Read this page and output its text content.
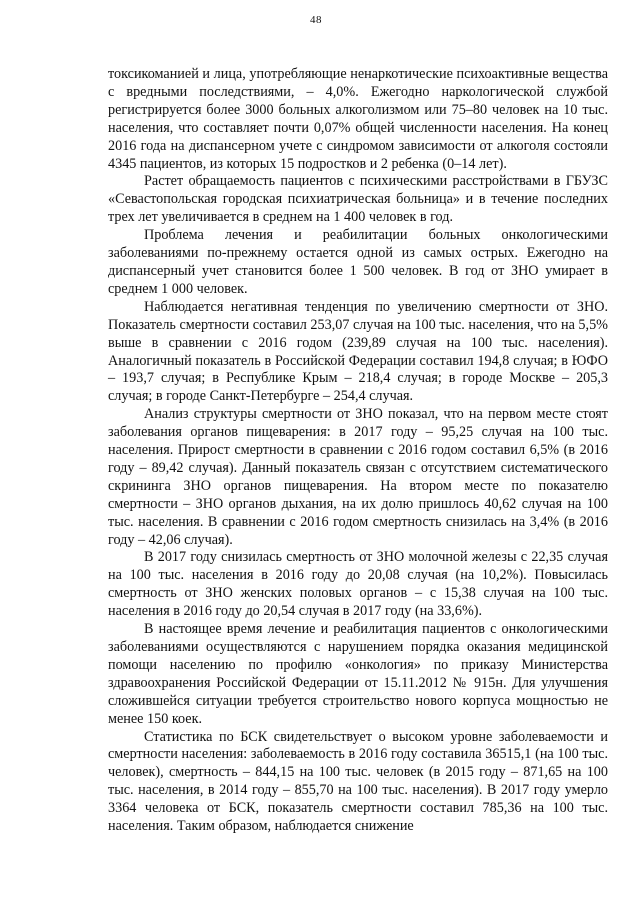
48

токсикоманией и лица, употребляющие ненаркотические психоактивные вещества с вредными последствиями, – 4,0%. Ежегодно наркологической службой регистрируется более 3000 больных алкоголизмом или 75–80 человек на 10 тыс. населения, что составляет почти 0,07% общей численности населения. На конец 2016 года на диспансерном учете с синдромом зависимости от алкоголя состояли 4345 пациентов, из которых 15 подростков и 2 ребенка (0–14 лет).

Растет обращаемость пациентов с психическими расстройствами в ГБУЗС «Севастопольская городская психиатрическая больница» и в течение последних трех лет увеличивается в среднем на 1 400 человек в год.

Проблема лечения и реабилитации больных онкологическими заболеваниями по-прежнему остается одной из самых острых. Ежегодно на диспансерный учет становится более 1 500 человек. В год от ЗНО умирает в среднем 1 000 человек.

Наблюдается негативная тенденция по увеличению смертности от ЗНО. Показатель смертности составил 253,07 случая на 100 тыс. населения, что на 5,5% выше в сравнении с 2016 годом (239,89 случая на 100 тыс. населения). Аналогичный показатель в Российской Федерации составил 194,8 случая; в ЮФО – 193,7 случая; в Республике Крым – 218,4 случая; в городе Москве – 205,3 случая; в городе Санкт-Петербурге – 254,4 случая.

Анализ структуры смертности от ЗНО показал, что на первом месте стоят заболевания органов пищеварения: в 2017 году – 95,25 случая на 100 тыс. населения. Прирост смертности в сравнении с 2016 годом составил 6,5% (в 2016 году – 89,42 случая). Данный показатель связан с отсутствием систематического скрининга ЗНО органов пищеварения. На втором месте по показателю смертности – ЗНО органов дыхания, на их долю пришлось 40,62 случая на 100 тыс. населения. В сравнении с 2016 годом смертность снизилась на 3,4% (в 2016 году – 42,06 случая).

В 2017 году снизилась смертность от ЗНО молочной железы с 22,35 случая на 100 тыс. населения в 2016 году до 20,08 случая (на 10,2%). Повысилась смертность от ЗНО женских половых органов – с 15,38 случая на 100 тыс. населения в 2016 году до 20,54 случая в 2017 году (на 33,6%).

В настоящее время лечение и реабилитация пациентов с онкологическими заболеваниями осуществляются с нарушением порядка оказания медицинской помощи населению по профилю «онкология» по приказу Министерства здравоохранения Российской Федерации от 15.11.2012 № 915н. Для улучшения сложившейся ситуации требуется строительство нового корпуса мощностью не менее 150 коек.

Статистика по БСК свидетельствует о высоком уровне заболеваемости и смертности населения: заболеваемость в 2016 году составила 36515,1 (на 100 тыс. человек), смертность – 844,15 на 100 тыс. человек (в 2015 году – 871,65 на 100 тыс. населения, в 2014 году – 855,70 на 100 тыс. населения). В 2017 году умерло 3364 человека от БСК, показатель смертности составил 785,36 на 100 тыс. населения. Таким образом, наблюдается снижение
